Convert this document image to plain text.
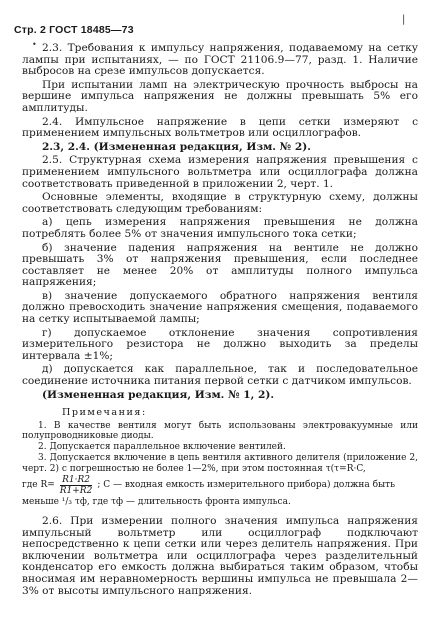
Стр. 2 ГОСТ 18485—73
|
• 2.3. Требования к импульсу напряжения, подаваемому на сетку лампы при испытаниях, — по ГОСТ 21106.9—77, разд. 1. Наличие выбросов на срезе импульсов допускается.

При испытании ламп на электрическую прочность выбросы на вершине импульса напряжения не должны превышать 5% его амплитуды.

2.4. Импульсное напряжение в цепи сетки измеряют с применением импульсных вольтметров или осциллографов.

2.3, 2.4. (Измененная редакция, Изм. № 2).

2.5. Структурная схема измерения напряжения превышения с применением импульсного вольтметра или осциллографа должна соответствовать приведенной в приложении 2, черт. 1.

Основные элементы, входящие в структурную схему, должны соответствовать следующим требованиям:

а) цепь измерения напряжения превышения не должна потреблять более 5% от значения импульсного тока сетки;

б) значение падения напряжения на вентиле не должно превышать 3% от напряжения превышения, если последнее составляет не менее 20% от амплитуды полного импульса напряжения;

в) значение допускаемого обратного напряжения вентиля должно превосходить значение напряжения смещения, подаваемого на сетку испытываемой лампы;

г) допускаемое отклонение значения сопротивления измерительного резистора не должно выходить за пределы интервала ±1%;

д) допускается как параллельное, так и последовательное соединение источника питания первой сетки с датчиком импульсов.

(Измененная редакция, Изм. № 1, 2).

Примечания:

1. В качестве вентиля могут быть использованы электровакуумные или полупроводниковые диоды.

2. Допускается параллельное включение вентилей.

3. Допускается включение в цепь вентиля активного делителя (приложение 2, черт. 2) с погрешностью не более 1—2%, при этом постоянная τ(τ=R·C,

где $R= \frac{R1\cdot R2}{R1+R2}$ ; C — входная емкость измерительного прибора) должна быть

меньше ¹/₃ τф, где τф — длительность фронта импульса.

2.6. При измерении полного значения импульса напряжения импульсный вольтметр или осциллограф подключают непосредственно к цепи сетки или через делитель напряжения. При включении вольтметра или осциллографа через разделительный конденсатор его емкость должна выбираться таким образом, чтобы вносимая им неравномерность вершины импульса не превышала 2—3% от высоты импульсного напряжения.
